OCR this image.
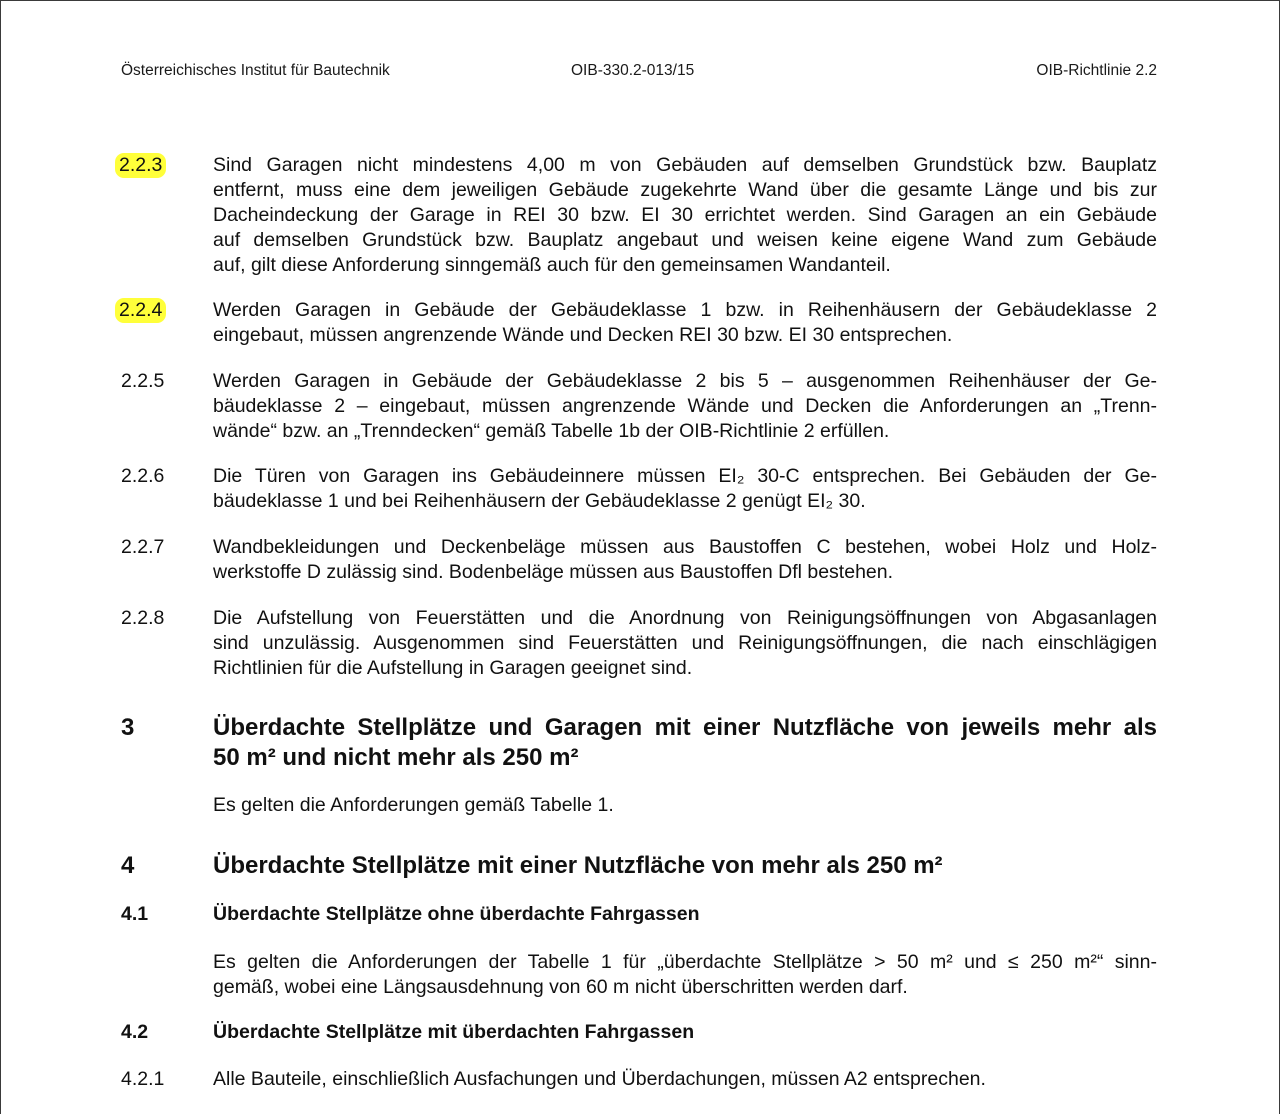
Österreichisches Institut für Bautechnik	OIB-330.2-013/15	OIB-Richtlinie 2.2
2.2.3	Sind Garagen nicht mindestens 4,00 m von Gebäuden auf demselben Grundstück bzw. Bauplatz
entfernt, muss eine dem jeweiligen Gebäude zugekehrte Wand über die gesamte Länge und bis zur
Dacheindeckung der Garage in REI 30 bzw. EI 30 errichtet werden. Sind Garagen an ein Gebäude
auf demselben Grundstück bzw. Bauplatz angebaut und weisen keine eigene Wand zum Gebäude
auf, gilt diese Anforderung sinngemäß auch für den gemeinsamen Wandanteil.
2.2.4	Werden Garagen in Gebäude der Gebäudeklasse 1 bzw. in Reihenhäusern der Gebäudeklasse 2
eingebaut, müssen angrenzende Wände und Decken REI 30 bzw. EI 30 entsprechen.
2.2.5 Werden Garagen in Gebäude der Gebäudeklasse 2 bis 5 – ausgenommen Reihenhäuser der Ge-
bäudeklasse 2 – eingebaut, müssen angrenzende Wände und Decken die Anforderungen an „Trenn-
wände“ bzw. an „Trenndecken“ gemäß Tabelle 1b der OIB-Richtlinie 2 erfüllen.
2.2.6 Die Türen von Garagen ins Gebäudeinnere müssen EI₂ 30-C entsprechen. Bei Gebäuden der Ge-
bäudeklasse 1 und bei Reihenhäusern der Gebäudeklasse 2 genügt EI₂ 30.
2.2.7 Wandbekleidungen und Deckenbeläge müssen aus Baustoffen C bestehen, wobei Holz und Holz-
werkstoffe D zulässig sind. Bodenbeläge müssen aus Baustoffen Dfl bestehen.
2.2.8 Die Aufstellung von Feuerstätten und die Anordnung von Reinigungsöffnungen von Abgasanlagen
sind unzulässig. Ausgenommen sind Feuerstätten und Reinigungsöffnungen, die nach einschlägigen
Richtlinien für die Aufstellung in Garagen geeignet sind.
3	Überdachte Stellplätze und Garagen mit einer Nutzfläche von jeweils mehr als
50 m² und nicht mehr als 250 m²
Es gelten die Anforderungen gemäß Tabelle 1.
4	Überdachte Stellplätze mit einer Nutzfläche von mehr als 250 m²
4.1	Überdachte Stellplätze ohne überdachte Fahrgassen
Es gelten die Anforderungen der Tabelle 1 für „überdachte Stellplätze > 50 m² und ≤ 250 m²“ sinn-
gemäß, wobei eine Längsausdehnung von 60 m nicht überschritten werden darf.
4.2	Überdachte Stellplätze mit überdachten Fahrgassen
4.2.1 Alle Bauteile, einschließlich Ausfachungen und Überdachungen, müssen A2 entsprechen.
